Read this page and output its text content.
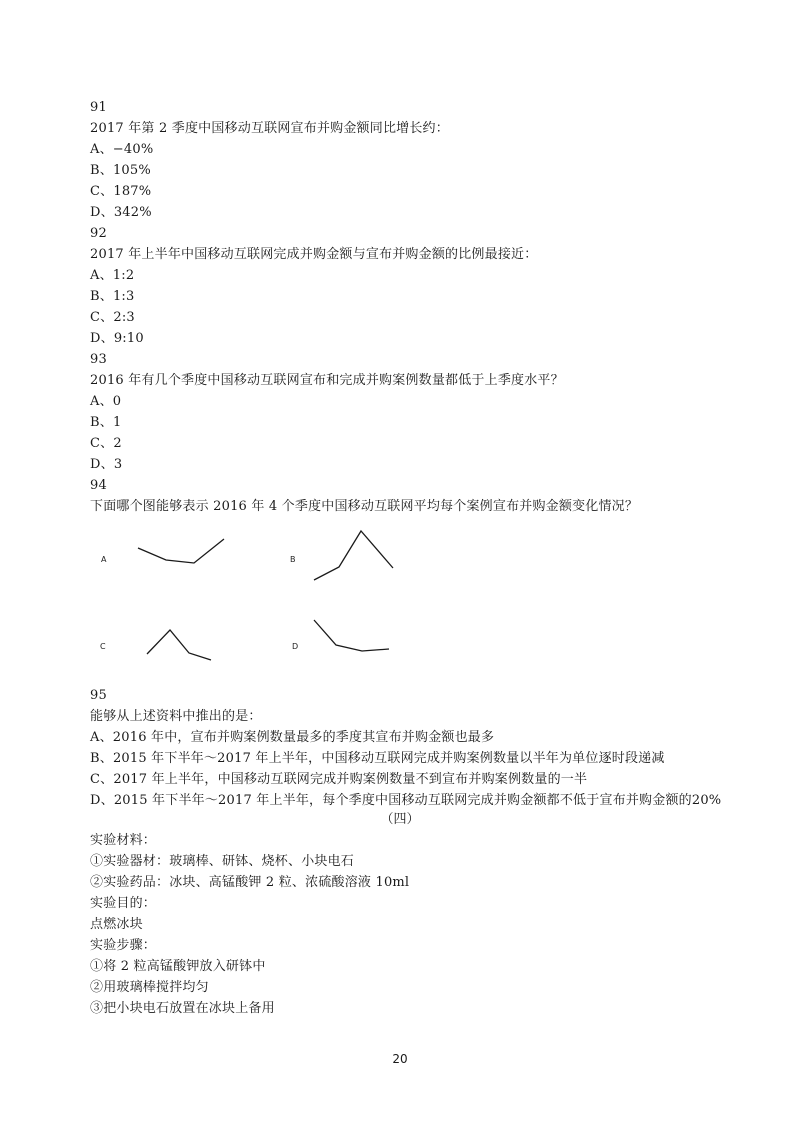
91
2017 年第 2 季度中国移动互联网宣布并购金额同比增长约：
A、−40%
B、105%
C、187%
D、342%
92
2017 年上半年中国移动互联网完成并购金额与宣布并购金额的比例最接近：
A、1:2
B、1:3
C、2:3
D、9:10
93
2016 年有几个季度中国移动互联网宣布和完成并购案例数量都低于上季度水平？
A、0
B、1
C、2
D、3
94
下面哪个图能够表示 2016 年 4 个季度中国移动互联网平均每个案例宣布并购金额变化情况？
A	B
C	D
95
能够从上述资料中推出的是：
A、2016 年中，宣布并购案例数量最多的季度其宣布并购金额也最多
B、2015 年下半年～2017 年上半年，中国移动互联网完成并购案例数量以半年为单位逐时段递减
C、2017 年上半年，中国移动互联网完成并购案例数量不到宣布并购案例数量的一半
D、2015 年下半年～2017 年上半年，每个季度中国移动互联网完成并购金额都不低于宣布并购金额的20%
（四）
实验材料：
①实验器材：玻璃棒、研钵、烧杯、小块电石
②实验药品：冰块、高锰酸钾 2 粒、浓硫酸溶液 10ml
实验目的：
点燃冰块
实验步骤：
①将 2 粒高锰酸钾放入研钵中
②用玻璃棒搅拌均匀
③把小块电石放置在冰块上备用
20
